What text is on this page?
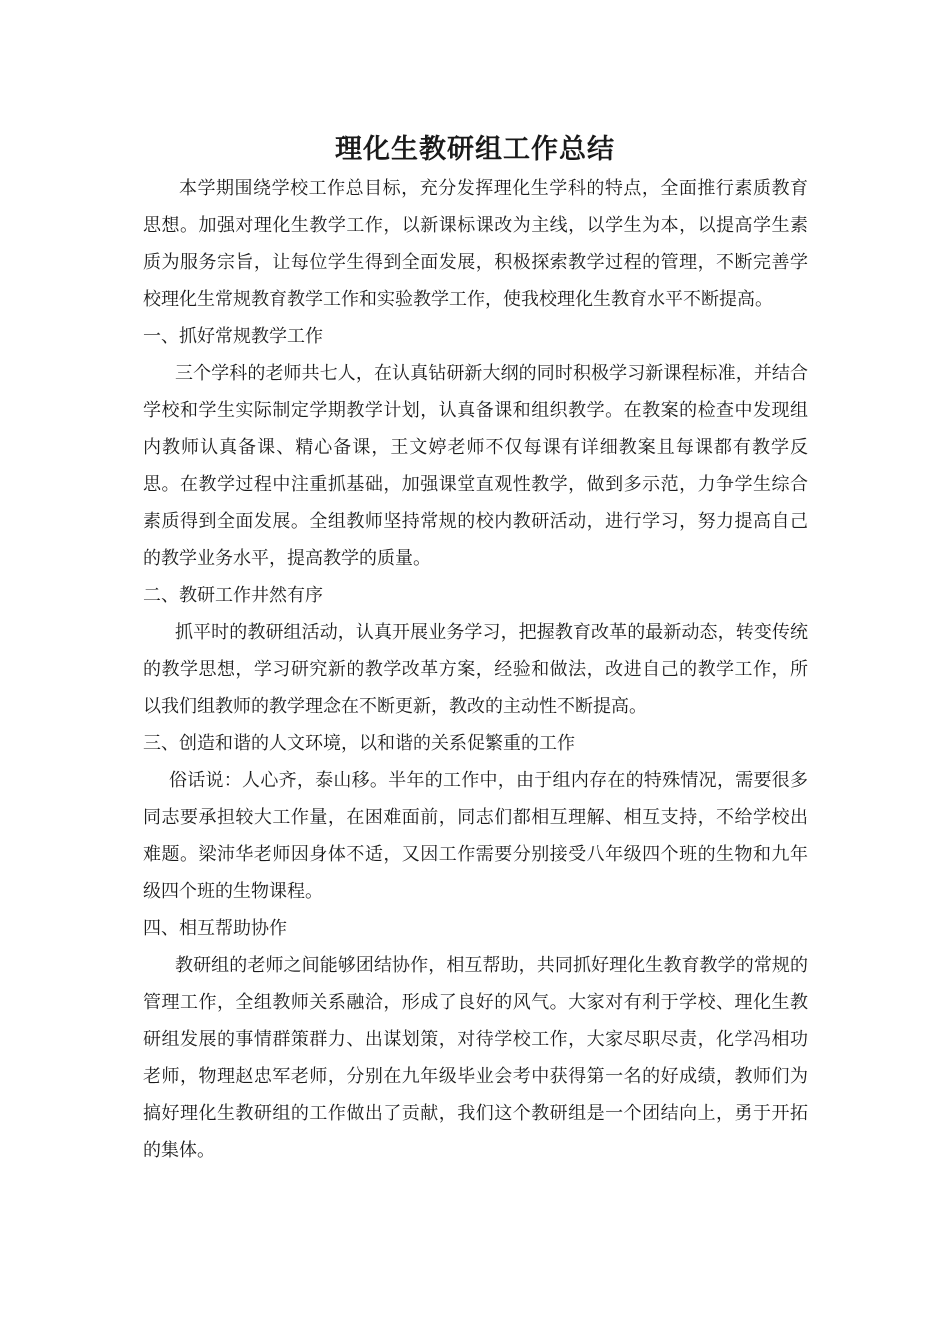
理化生教研组工作总结

本学期围绕学校工作总目标，充分发挥理化生学科的特点，全面推行素质教育思想。加强对理化生教学工作，以新课标课改为主线，以学生为本，以提高学生素质为服务宗旨，让每位学生得到全面发展，积极探索教学过程的管理，不断完善学校理化生常规教育教学工作和实验教学工作，使我校理化生教育水平不断提高。

一、抓好常规教学工作

三个学科的老师共七人，在认真钻研新大纲的同时积极学习新课程标准，并结合学校和学生实际制定学期教学计划，认真备课和组织教学。在教案的检查中发现组内教师认真备课、精心备课，王文婷老师不仅每课有详细教案且每课都有教学反思。在教学过程中注重抓基础，加强课堂直观性教学，做到多示范，力争学生综合素质得到全面发展。全组教师坚持常规的校内教研活动，进行学习，努力提高自己的教学业务水平，提高教学的质量。

二、教研工作井然有序

抓平时的教研组活动，认真开展业务学习，把握教育改革的最新动态，转变传统的教学思想，学习研究新的教学改革方案，经验和做法，改进自己的教学工作，所以我们组教师的教学理念在不断更新，教改的主动性不断提高。

三、创造和谐的人文环境，以和谐的关系促繁重的工作

俗话说：人心齐，泰山移。半年的工作中，由于组内存在的特殊情况，需要很多同志要承担较大工作量，在困难面前，同志们都相互理解、相互支持，不给学校出难题。梁沛华老师因身体不适，又因工作需要分别接受八年级四个班的生物和九年级四个班的生物课程。

四、相互帮助协作

教研组的老师之间能够团结协作，相互帮助，共同抓好理化生教育教学的常规的管理工作，全组教师关系融洽，形成了良好的风气。大家对有利于学校、理化生教研组发展的事情群策群力、出谋划策，对待学校工作，大家尽职尽责，化学冯相功老师，物理赵忠军老师，分别在九年级毕业会考中获得第一名的好成绩，教师们为搞好理化生教研组的工作做出了贡献，我们这个教研组是一个团结向上，勇于开拓的集体。
